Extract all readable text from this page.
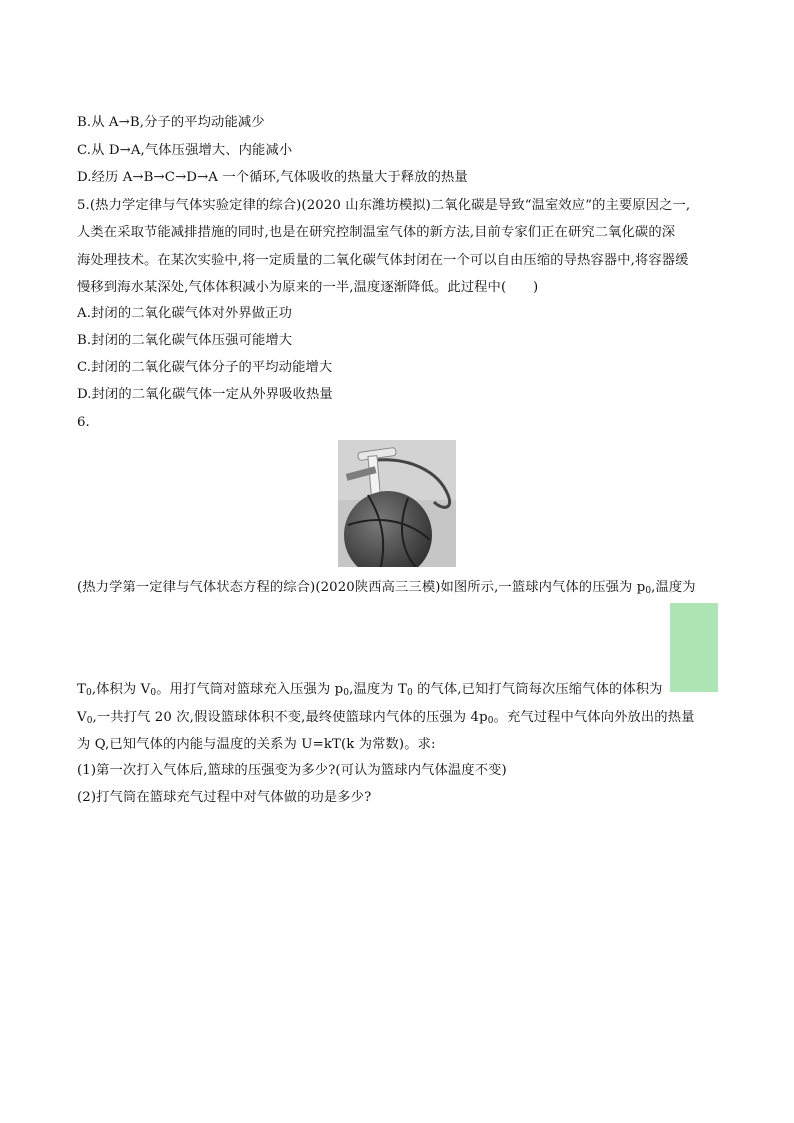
B.从 A→B,分子的平均动能减少
C.从 D→A,气体压强增大、内能减小
D.经历 A→B→C→D→A 一个循环,气体吸收的热量大于释放的热量
5.(热力学定律与气体实验定律的综合)(2020 山东潍坊模拟)二氧化碳是导致“温室效应”的主要原因之一,
人类在采取节能减排措施的同时,也是在研究控制温室气体的新方法,目前专家们正在研究二氧化碳的深
海处理技术。在某次实验中,将一定质量的二氧化碳气体封闭在一个可以自由压缩的导热容器中,将容器缓
慢移到海水某深处,气体体积减小为原来的一半,温度逐渐降低。此过程中(　　)
A.封闭的二氧化碳气体对外界做正功
B.封闭的二氧化碳气体压强可能增大
C.封闭的二氧化碳气体分子的平均动能增大
D.封闭的二氧化碳气体一定从外界吸收热量
6.
(热力学第一定律与气体状态方程的综合)(2020陕西高三三模)如图所示,一篮球内气体的压强为 $p_0$,温度为
$T_0$,体积为 $V_0$。用打气筒对篮球充入压强为 $p_0$,温度为 $T_0$ 的气体,已知打气筒每次压缩气体的体积为
$V_0$,一共打气 20 次,假设篮球体积不变,最终使篮球内气体的压强为 $4p_0$。充气过程中气体向外放出的热量
为 Q,已知气体的内能与温度的关系为 U=kT(k 为常数)。求:
(1)第一次打入气体后,篮球的压强变为多少?(可认为篮球内气体温度不变)
(2)打气筒在篮球充气过程中对气体做的功是多少?
